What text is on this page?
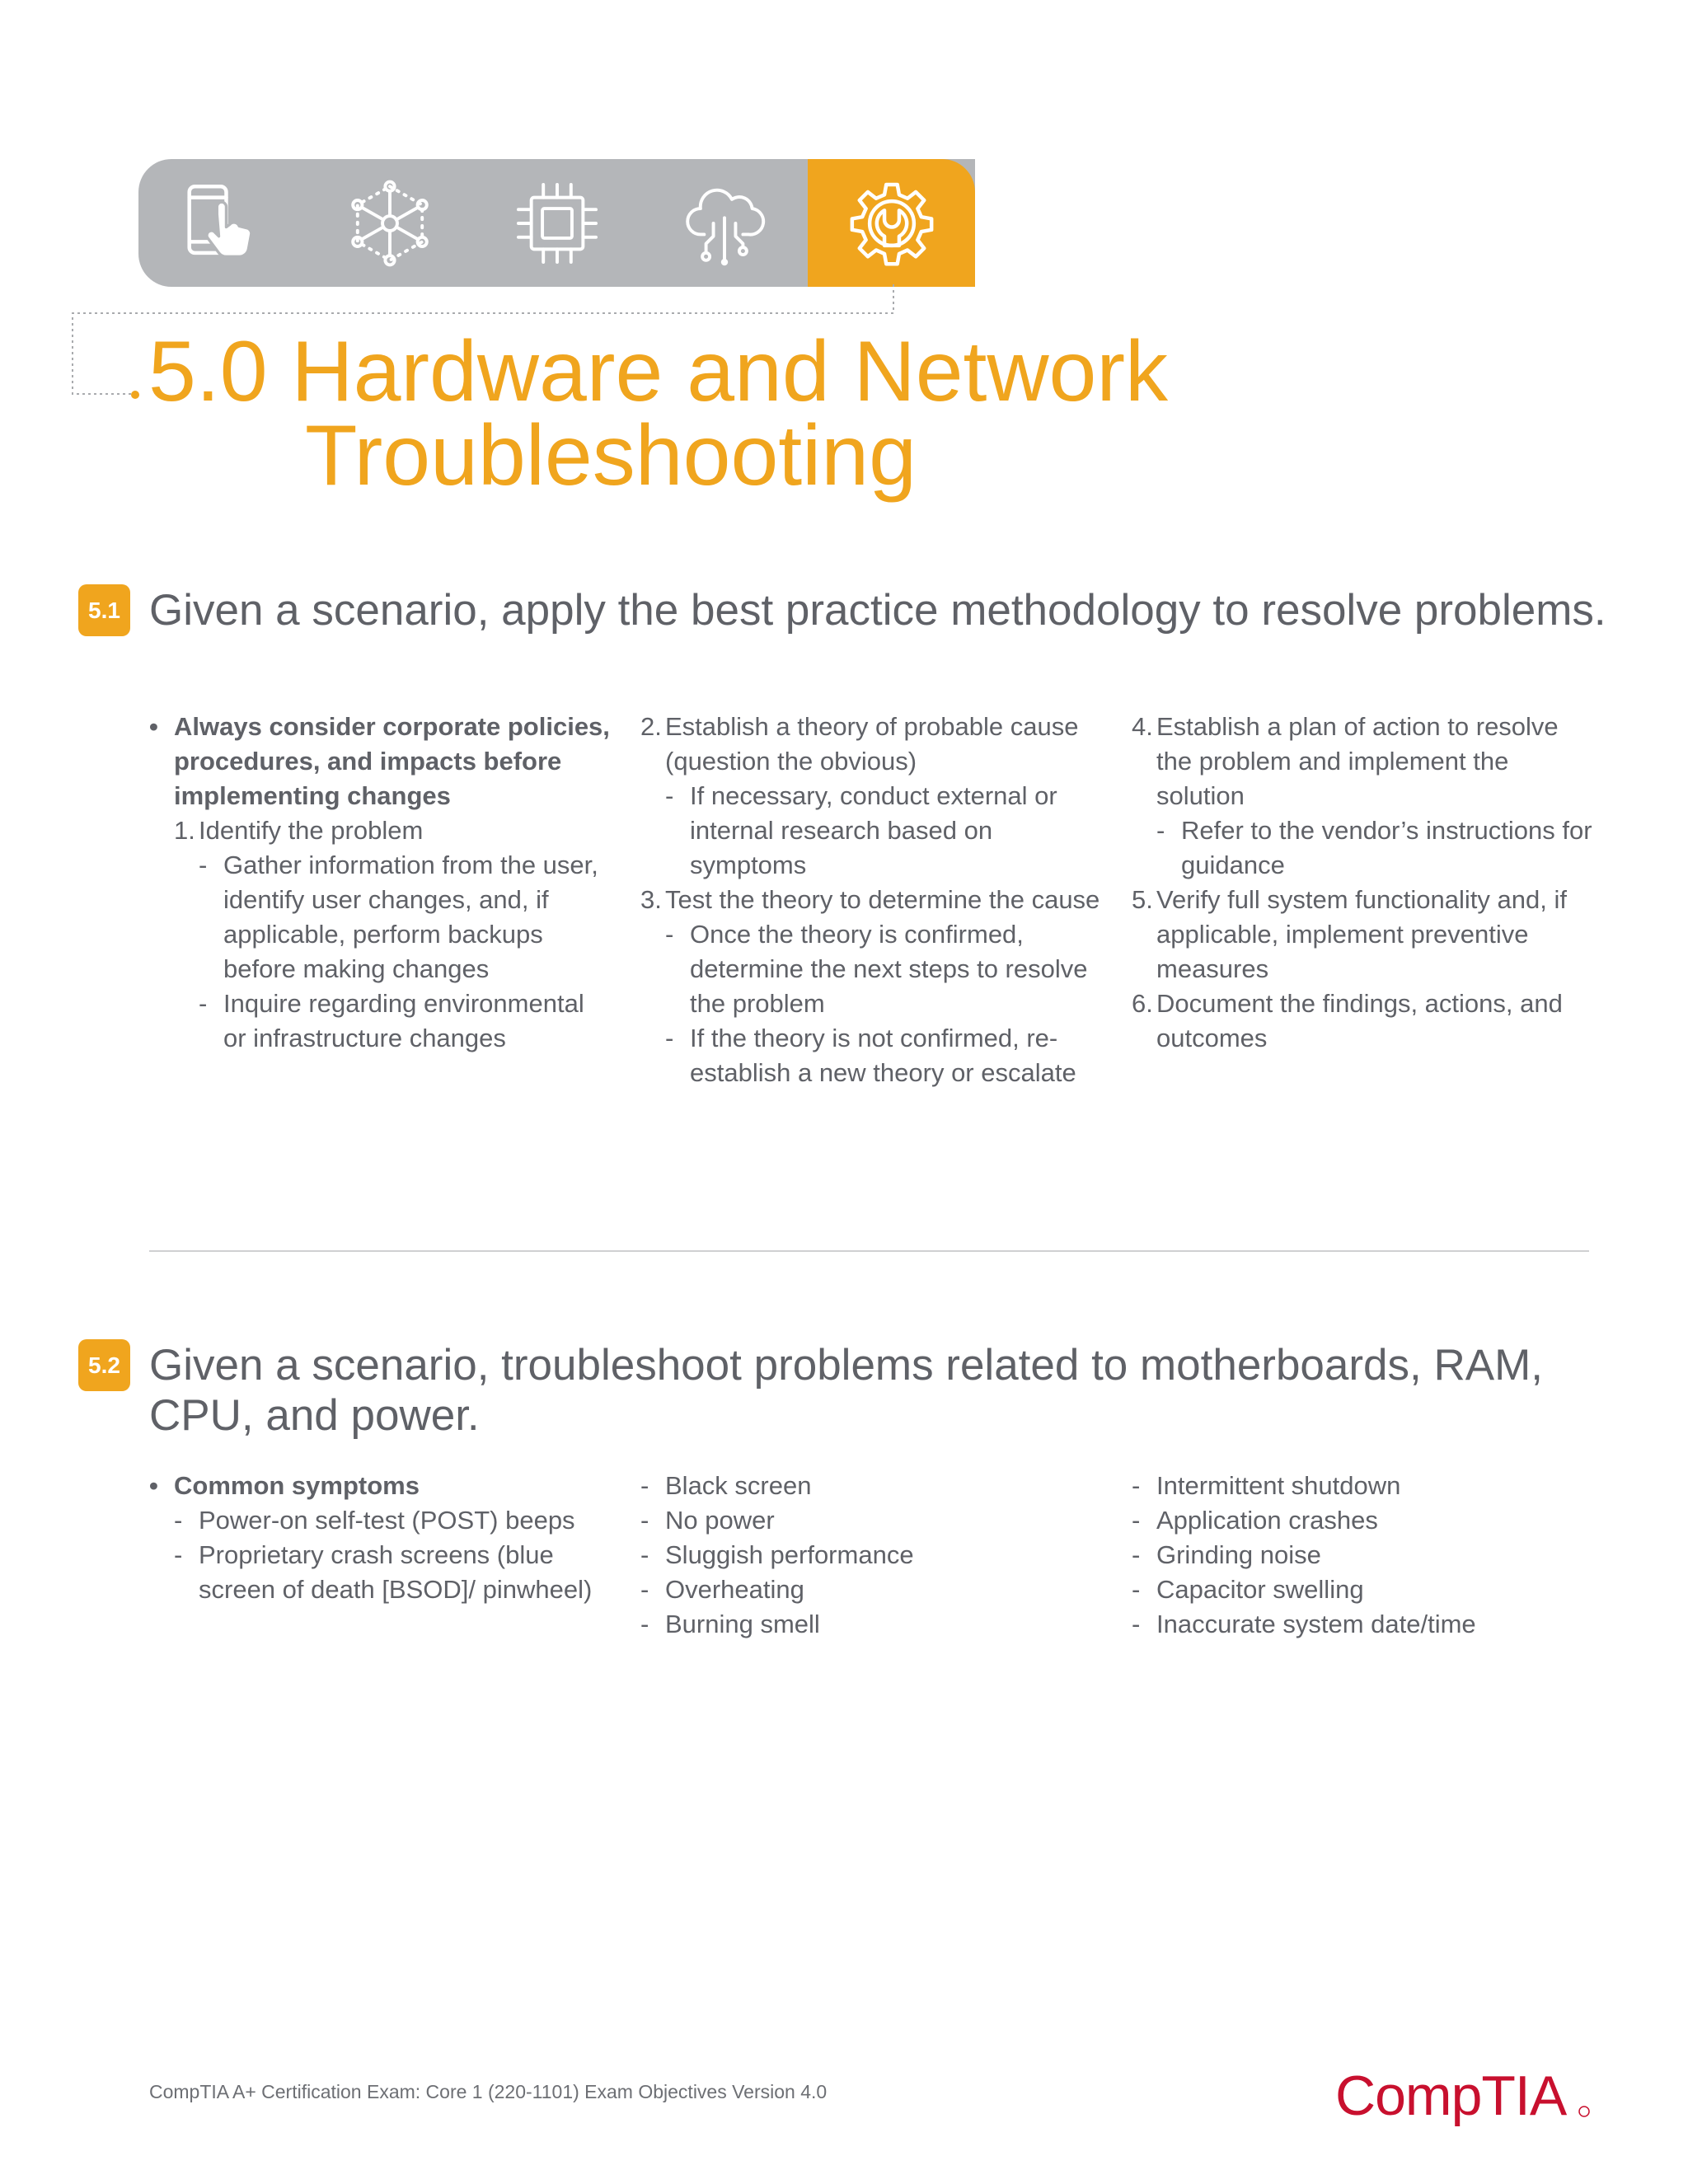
5.0 Hardware and Network
Troubleshooting
5.1 Given a scenario, apply the best practice methodology to resolve problems.
• Always consider corporate policies, procedures, and impacts before implementing changes
1. Identify the problem
- Gather information from the user, identify user changes, and, if applicable, perform backups before making changes
- Inquire regarding environmental or infrastructure changes
2. Establish a theory of probable cause (question the obvious)
- If necessary, conduct external or internal research based on symptoms
3. Test the theory to determine the cause
- Once the theory is confirmed, determine the next steps to resolve the problem
- If the theory is not confirmed, re-establish a new theory or escalate
4. Establish a plan of action to resolve the problem and implement the solution
- Refer to the vendor’s instructions for guidance
5. Verify full system functionality and, if applicable, implement preventive measures
6. Document the findings, actions, and outcomes
5.2 Given a scenario, troubleshoot problems related to motherboards, RAM, CPU, and power.
• Common symptoms
- Power-on self-test (POST) beeps
- Proprietary crash screens (blue screen of death [BSOD]/ pinwheel)
- Black screen
- No power
- Sluggish performance
- Overheating
- Burning smell
- Intermittent shutdown
- Application crashes
- Grinding noise
- Capacitor swelling
- Inaccurate system date/time
CompTIA A+ Certification Exam: Core 1 (220-1101) Exam Objectives Version 4.0	CompTIA
